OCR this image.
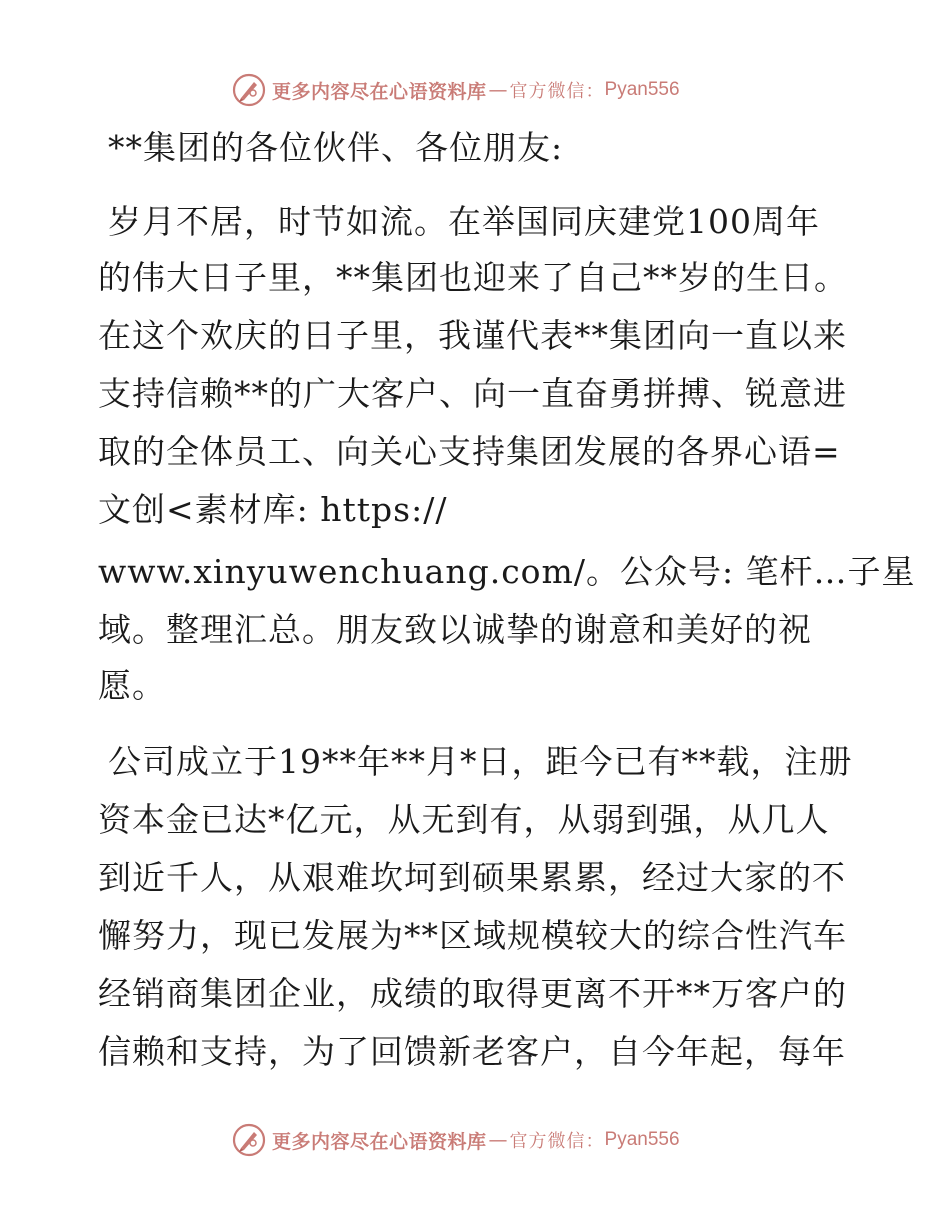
更多内容尽在心语资料库 — 官方微信： Pyan556

**集团的各位伙伴、各位朋友:

岁月不居，时节如流。在举国同庆建党100周年

的伟大日子里，**集团也迎来了自己**岁的生日。

在这个欢庆的日子里，我谨代表**集团向一直以来

支持信赖**的广大客户、向一直奋勇拼搏、锐意进

取的全体员工、向关心支持集团发展的各界心语=

文创<素材库: https://

www.xinyuwenchuang.com/。公众号: 笔杆…子星

域。整理汇总。朋友致以诚挚的谢意和美好的祝

愿。

公司成立于19**年**月*日，距今已有**载，注册

资本金已达*亿元，从无到有，从弱到强，从几人

到近千人，从艰难坎坷到硕果累累，经过大家的不

懈努力，现已发展为**区域规模较大的综合性汽车

经销商集团企业，成绩的取得更离不开**万客户的

信赖和支持，为了回馈新老客户，自今年起，每年

更多内容尽在心语资料库 — 官方微信： Pyan556
